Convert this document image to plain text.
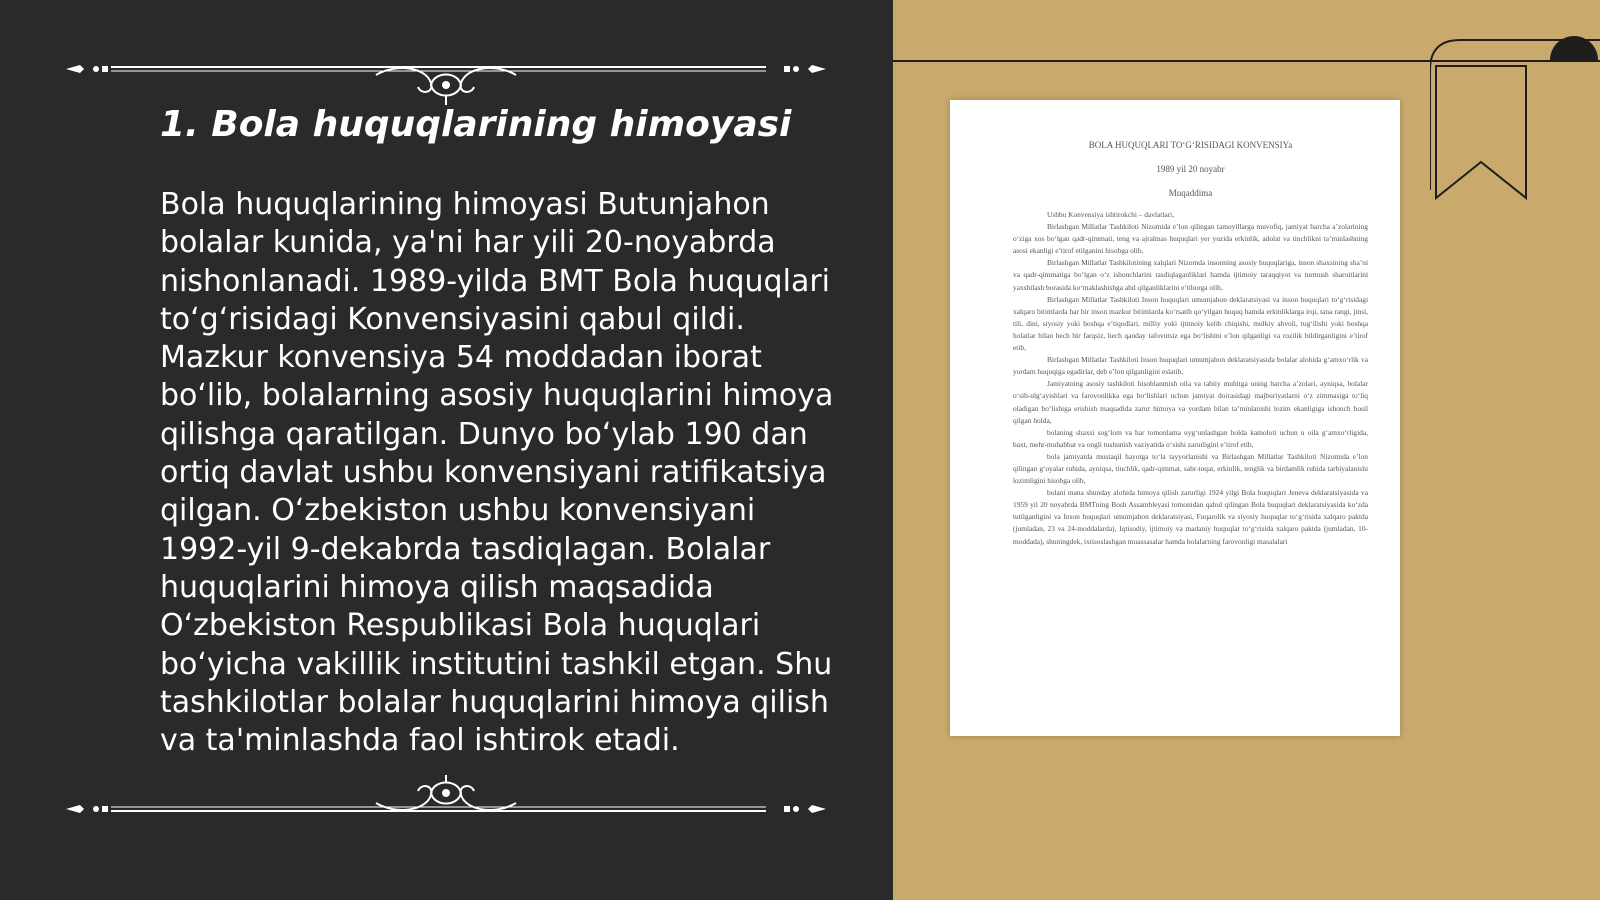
1. Bola huquqlarining himoyasi

Bola huquqlarining himoyasi Butunjahon bolalar kunida, ya'ni har yili 20-noyabrda nishonlanadi. 1989-yilda BMT Bola huquqlari to‘g‘risidagi Konvensiyasini qabul qildi. Mazkur konvensiya 54 moddadan iborat bo‘lib, bolalarning asosiy huquqlarini himoya qilishga qaratilgan. Dunyo bo‘ylab 190 dan ortiq davlat ushbu konvensiyani ratifikatsiya qilgan. O‘zbekiston ushbu konvensiyani 1992-yil 9-dekabrda tasdiqlagan. Bolalar huquqlarini himoya qilish maqsadida O‘zbekiston Respublikasi Bola huquqlari bo‘yicha vakillik institutini tashkil etgan. Shu tashkilotlar bolalar huquqlarini himoya qilish va ta'minlashda faol ishtirok etadi.

BOLA HUQUQLARI TO‘G‘RISIDAGI KONVENSIYa

1989 yil 20 noyabr

Muqaddima

Ushbu Konvensiya ishtirokchi – davlatlari,

Birlashgan Millatlar Tashkiloti Nizomida e’lon qilingan tamoyillarga muvofiq, jamiyat barcha a’zolarining o‘ziga xos bo‘lgan qadr-qimmati, teng va ajralmas huquqlari yer yuzida erkinlik, adolat va tinchlikni ta’minlashning asosi ekanligi e’tirof etilganini hisobga olib,

Birlashgan Millatlar Tashkilotining xalqlari Nizomda insonning asosiy huquqlariga, inson shaxsining sha’ni va qadr-qimmatiga bo‘lgan o‘z ishonchlarini tasdiqlaganliklari hamda ijtimoiy taraqqiyot va turmush sharoitlarini yaxshilash borasida ko‘maklashishga ahd qilganliklarini e’tiborga olib,

Birlashgan Millatlar Tashkiloti Inson huquqlari umumjahon deklaratsiyasi va inson huquqlari to‘g‘risidagi xalqaro bitimlarda har bir inson mazkur bitimlarda ko‘rsatib qo‘yilgan huquq hamda erkinliklarga irqi, tana rangi, jinsi, tili, dini, siyosiy yoki boshqa e’tiqodlari, milliy yoki ijtimoiy kelib chiqishi, mulkiy ahvoli, tug‘ilishi yoki boshqa holatlar bilan hech bir farqsiz, hech qanday tafovutsiz ega bo‘lishini e’lon qilganligi va rozilik bildirganligini e’tirof etib,

Birlashgan Millatlar Tashkiloti Inson huquqlari umumjahon deklaratsiyasida bolalar alohida g‘amxo‘rlik va yordam huquqiga egadirlar, deb e’lon qilganligini eslatib,

Jamiyatning asosiy tashkiloti hisoblanmish oila va tabiiy muhitga uning barcha a’zolari, ayniqsa, bolalar o‘sib-ulg‘ayishlari va farovonlikka ega bo‘lishlari uchun jamiyat doirasidagi majburiyatlarni o‘z zimmasiga to‘liq oladigan bo‘lishiga erishish maqsadida zarur himoya va yordam bilan ta’minlanishi lozim ekanligiga ishonch hosil qilgan holda,

bolaning shaxsi sog‘lom va har tomonlama uyg‘unlashgan holda kamoloti uchun u oila g‘amxo‘rligida, baxt, mehr-muhabbat va ongli tushunish vaziyatida o‘sishi zarurligini e’tirof etib,

bola jamiyatda mustaqil hayotga to‘la tayyorlanishi va Birlashgan Millatlar Tashkiloti Nizomida e’lon qilingan g‘oyalar ruhida, ayniqsa, tinchlik, qadr-qimmat, sabr-toqat, erkinlik, tenglik va birdamlik ruhida tarbiyalanishi lozimligini hisobga olib,

bolani mana shunday alohida himoya qilish zarurligi 1924 yilgi Bola huquqlari Jeneva deklaratsiyasida va 1959 yil 20 noyabrda BMTning Bosh Assambleyasi tomonidan qabul qilingan Bola huquqlari deklaratsiyasida ko‘zda tutilganligini va Inson huquqlari umumjahon deklaratsiyasi, Fuqarolik va siyosiy huquqlar to‘g‘risida xalqaro paktda (jumladan, 23 va 24-moddalarda), Iqtisodiy, ijtimoiy va madaniy huquqlar to‘g‘risida xalqaro paktda (jumladan, 10-moddada), shuningdek, ixtisoslashgan muassasalar hamda bolalarning farovonligi masalalari
